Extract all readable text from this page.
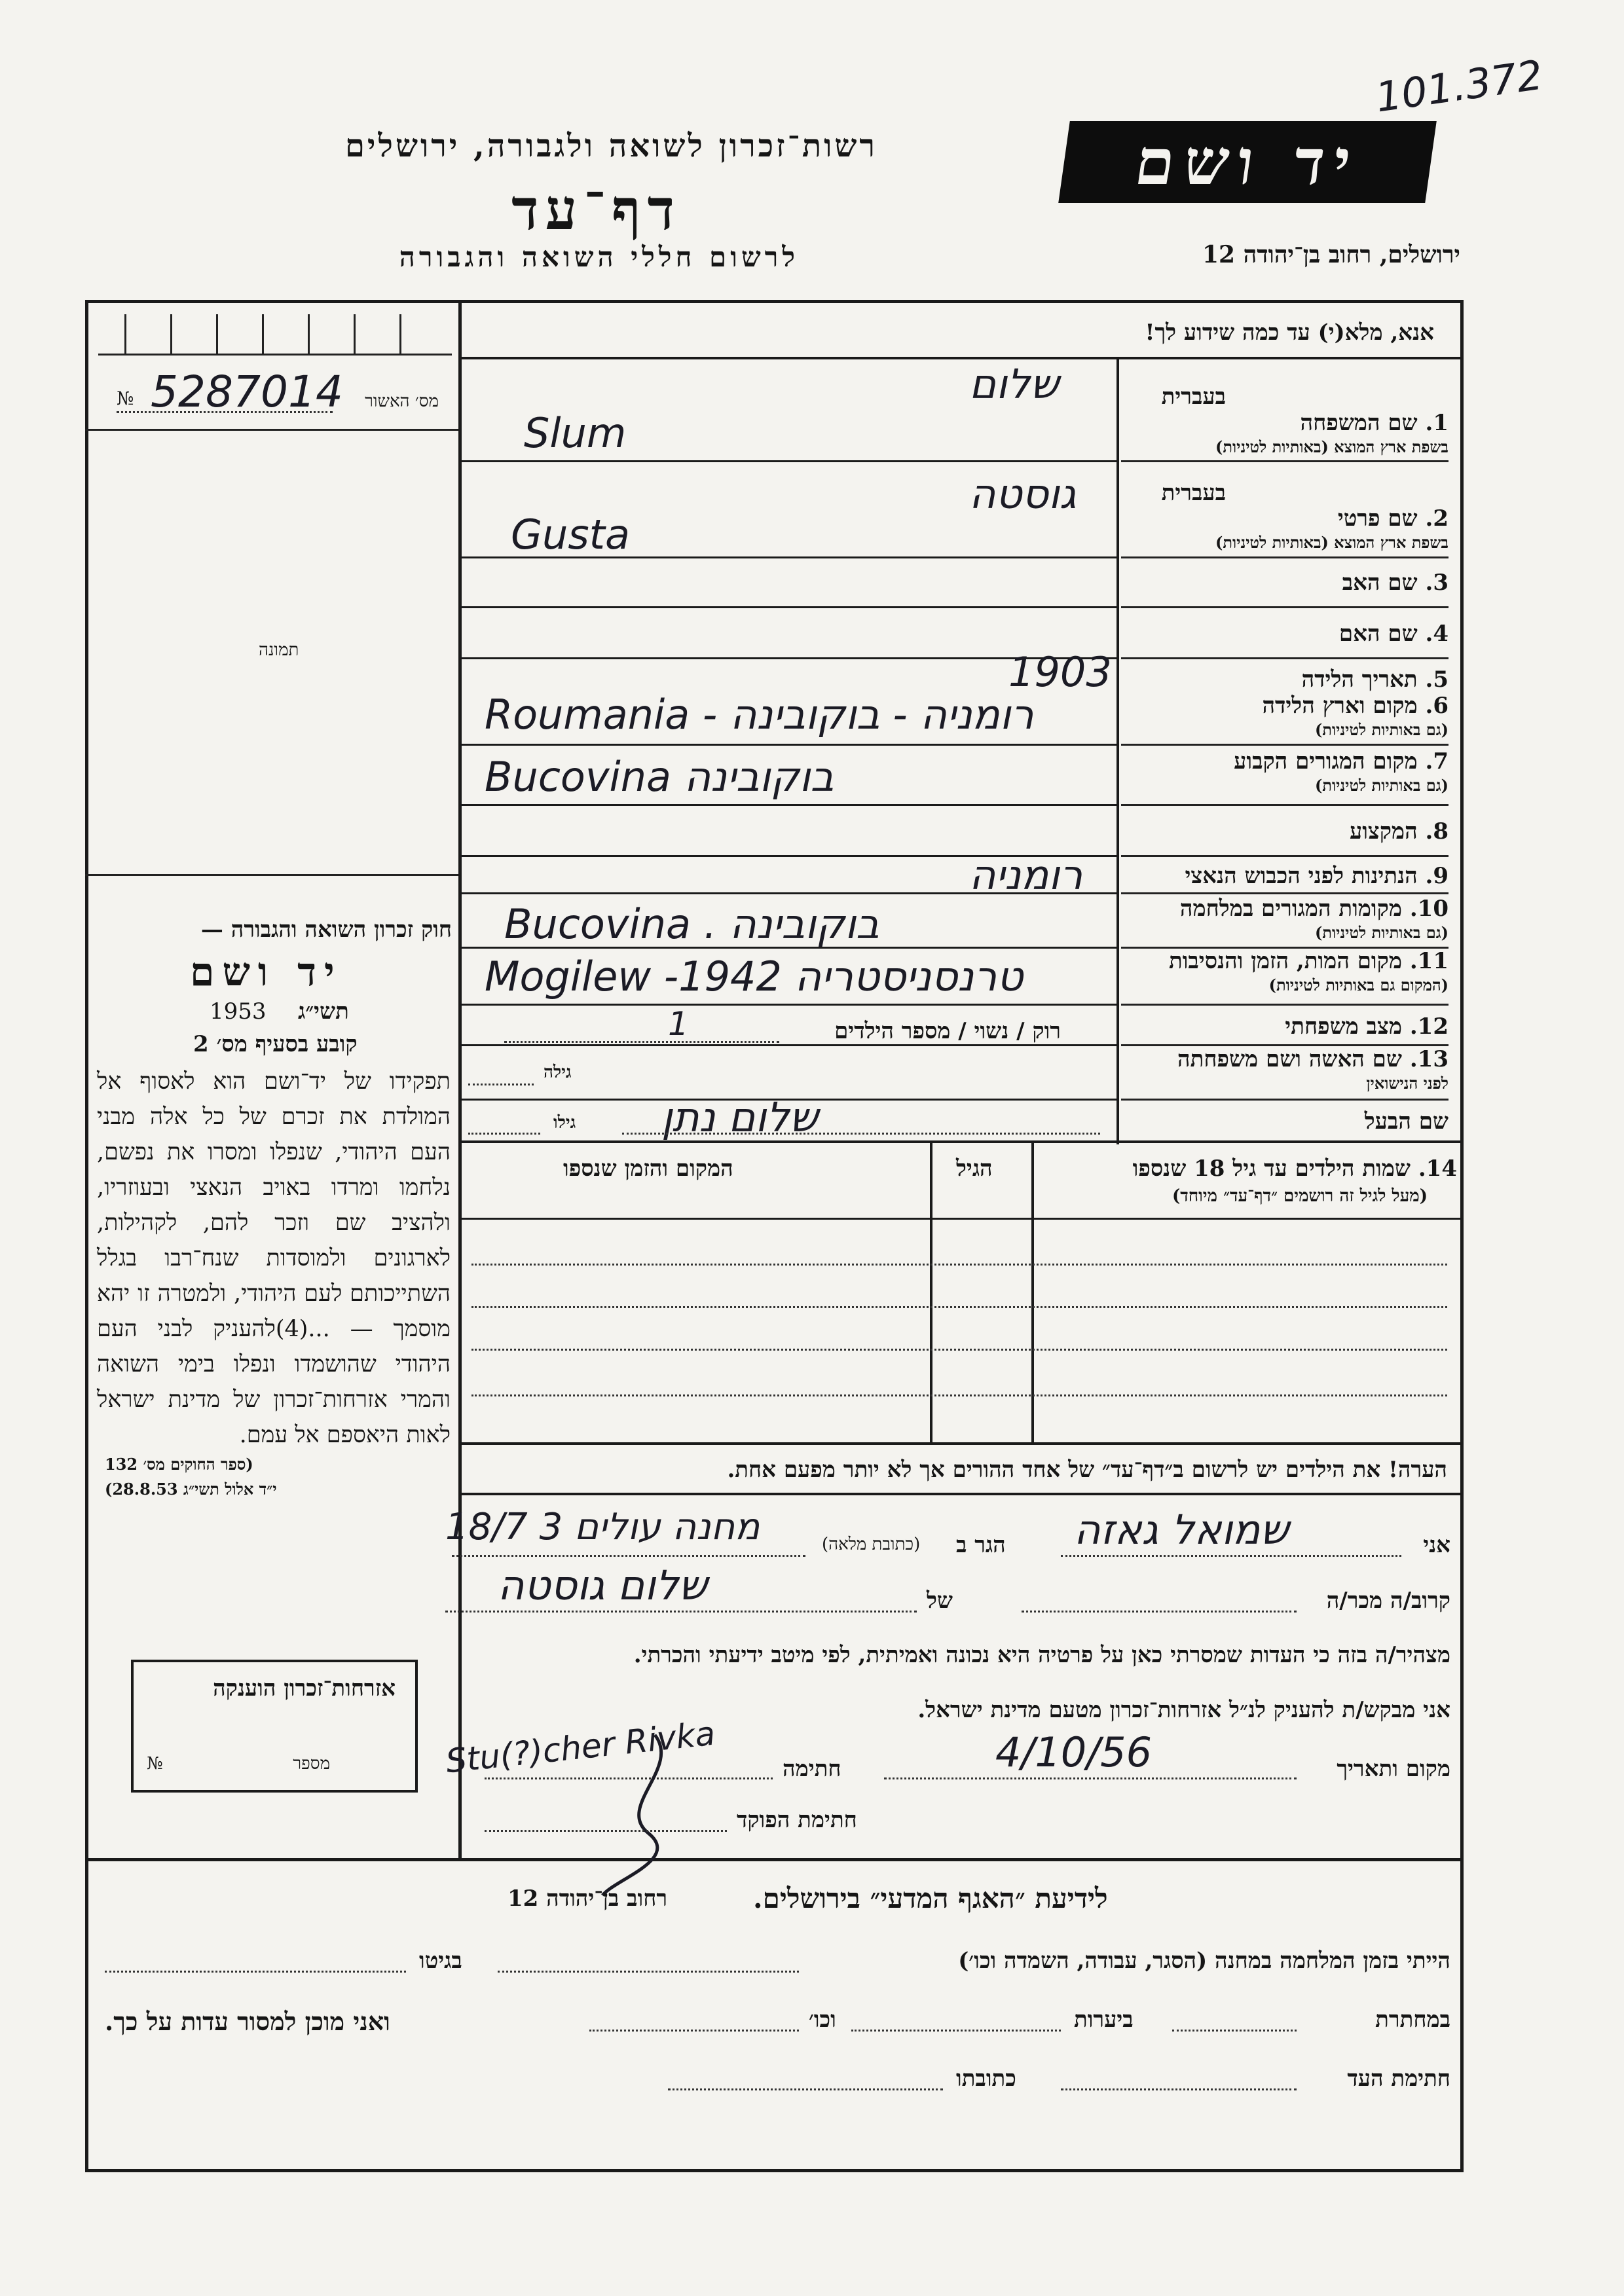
101.372
רשות־זכרון לשואה ולגבורה, ירושלים
דף־עד
לרשום חללי השואה והגבורה
יד ושם
ירושלים, רחוב בן־יהודה 12
№ 5287014 מס׳ האשור
תמונה
חוק זכרון השואה והגבורה —
יד ושם
1953 תשי״ג
קובע בסעיף מס׳ 2
תפקידו של יד־ושם הוא לאסוף אל המולדת את זכרם של כל אלה מבני העם היהודי, שנפלו ומסרו את נפשם, נלחמו ומרדו באויב הנאצי ובעוזריו, ולהציב שם וזכר להם, לקהילות, לארגונים ולמוסדות שנח־רבו בגלל השתייכותם לעם היהודי, ולמטרה זו יהא מוסמך — ...(4)להעניק לבני העם היהודי שהושמדו ונפלו בימי השואה והמרי אזרחות־זכרון של מדינת ישראל לאות היאספם אל עמם.
(ספר החוקים מס׳ 132
י״ד אלול תשי״ג 28.8.53)
אזרחות־זכרון הוענקה
מספר
№
אנא, מלא(י) עד כמה שידוע לך!
בעברית
1. שם המשפחה
בשפת ארץ המוצא (באותיות לטיניות)
בעברית
2. שם פרטי
בשפת ארץ המוצא (באותיות לטיניות)
3. שם האב
4. שם האם
5. תאריך הלידה
6. מקום וארץ הלידה
(גם באותיות לטיניות)
7. מקום המגורים הקבוע
(גם באותיות לטיניות)
8. המקצוע
9. הנתינות לפני הכבוש הנאצי
10. מקומות המגורים במלחמה
(גם באותיות לטיניות)
11. מקום המות, הזמן והנסיבות
(המקום גם באותיות לטיניות)
12. מצב משפחתי
13. שם האשה ושם משפחתה
לפני הנישואין
שם הבעל
שלום
Slum
גוסטה
Gusta
1903
Roumania - רומניה - בוקובינה
Bucovina בוקובינה
רומניה
Bucovina . בוקובינה
Mogilew -1942 טרנסניסטריה
1
שלום נתן
רוק / נשוי / מספר הילדים
גילה
גילו
14. שמות הילדים עד גיל 18 שנספו
(מעל לגיל זה רושמים ״דף־עד״ מיוחד)
הגיל
המקום והזמן שנספו
הערה! את הילדים יש לרשום ב״דף־עד״ של אחד ההורים אך לא יותר מפעם אחת.
אני
שמואל גאזה
הגר ב
(כתובת מלאה)
מחנה עולים 3 18/7
קרוב/ה מכר/ה
של
שלום גוסטה
מצהיר/ה בזה כי העדות שמסרתי כאן על פרטיה היא נכונה ואמיתית, לפי מיטב ידיעתי והכרתי.
אני מבקש/ת להעניק לנ״ל אזרחות־זכרון מטעם מדינת ישראל.
מקום ותאריך
4/10/56
חתימה
Stu(?)cher Rivka
חתימת הפוקד
לידיעת ״האגף המדעי״ בירושלים.
רחוב בן־יהודה 12
הייתי בזמן המלחמה במחנה (הסגר, עבודה, השמדה וכו׳)
בגיטו
במחתרת
ביערות
וכו׳
ואני מוכן למסור עדות על כך.
חתימת העד
כתובתו
